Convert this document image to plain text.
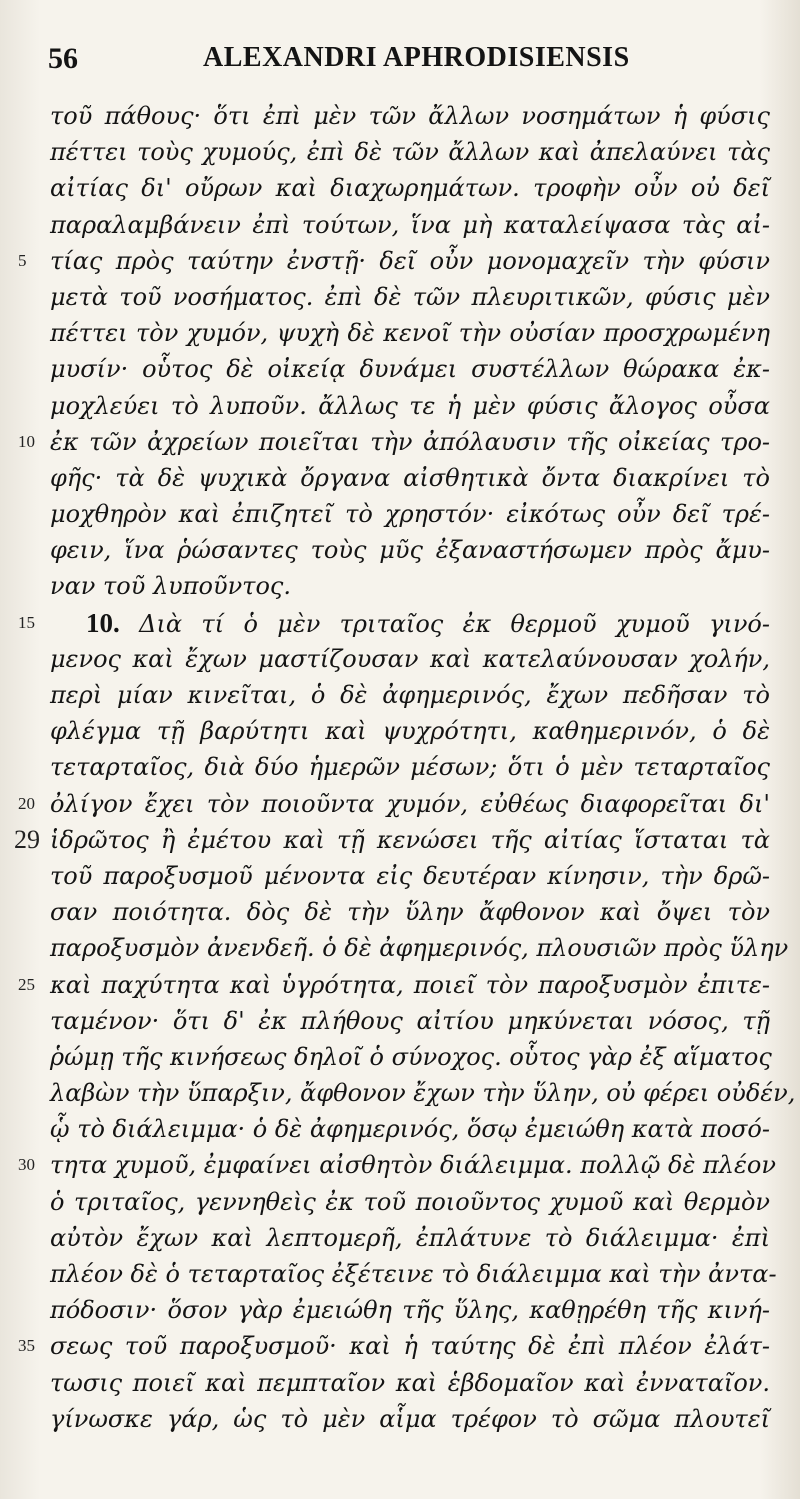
56	ALEXANDRI APHRODISIENSIS
τοῦ πάθους· ὅτι ἐπὶ μὲν τῶν ἄλλων νοσημάτων ἡ φύσις
πέττει τοὺς χυμούς, ἐπὶ δὲ τῶν ἄλλων καὶ ἀπελαύνει τὰς
αἰτίας δι' οὔρων καὶ διαχωρημάτων. τροφὴν οὖν οὐ δεῖ
παραλαμβάνειν ἐπὶ τούτων, ἵνα μὴ καταλείψασα τὰς αἰ-
5 τίας πρὸς ταύτην ἐνστῇ· δεῖ οὖν μονομαχεῖν τὴν φύσιν
μετὰ τοῦ νοσήματος. ἐπὶ δὲ τῶν πλευριτικῶν, φύσις μὲν
πέττει τὸν χυμόν, ψυχὴ δὲ κενοῖ τὴν οὐσίαν προσχρωμένη
μυσίν· οὗτος δὲ οἰκείᾳ δυνάμει συστέλλων θώρακα ἐκ-
μοχλεύει τὸ λυποῦν. ἄλλως τε ἡ μὲν φύσις ἄλογος οὖσα
10 ἐκ τῶν ἀχρείων ποιεῖται τὴν ἀπόλαυσιν τῆς οἰκείας τρο-
φῆς· τὰ δὲ ψυχικὰ ὄργανα αἰσθητικὰ ὄντα διακρίνει τὸ
μοχθηρὸν καὶ ἐπιζητεῖ τὸ χρηστόν· εἰκότως οὖν δεῖ τρέ-
φειν, ἵνα ῥώσαντες τοὺς μῦς ἐξαναστήσωμεν πρὸς ἄμυ-
ναν τοῦ λυποῦντος.
15	10. Διὰ τί ὁ μὲν τριταῖος ἐκ θερμοῦ χυμοῦ γινό-
μενος καὶ ἔχων μαστίζουσαν καὶ κατελαύνουσαν χολήν,
περὶ μίαν κινεῖται, ὁ δὲ ἀφημερινός, ἔχων πεδῆσαν τὸ
φλέγμα τῇ βαρύτητι καὶ ψυχρότητι, καθημερινόν, ὁ δὲ
τεταρταῖος, διὰ δύο ἡμερῶν μέσων; ὅτι ὁ μὲν τεταρταῖος
20 ὀλίγον ἔχει τὸν ποιοῦντα χυμόν, εὐθέως διαφορεῖται δι'
29 ἱδρῶτος ἢ ἐμέτου καὶ τῇ κενώσει τῆς αἰτίας ἵσταται τὰ
τοῦ παροξυσμοῦ μένοντα εἰς δευτέραν κίνησιν, τὴν δρῶ-
σαν ποιότητα. δὸς δὲ τὴν ὕλην ἄφθονον καὶ ὄψει τὸν
παροξυσμὸν ἀνενδεῆ. ὁ δὲ ἀφημερινός, πλουσιῶν πρὸς ὕλην
25 καὶ παχύτητα καὶ ὑγρότητα, ποιεῖ τὸν παροξυσμὸν ἐπιτε-
ταμένον· ὅτι δ' ἐκ πλήθους αἰτίου μηκύνεται νόσος, τῇ
ῥώμῃ τῆς κινήσεως δηλοῖ ὁ σύνοχος. οὗτος γὰρ ἐξ αἵματος
λαβὼν τὴν ὕπαρξιν, ἄφθονον ἔχων τὴν ὕλην, οὐ φέρει οὐδέν,
ᾧ τὸ διάλειμμα· ὁ δὲ ἀφημερινός, ὅσῳ ἐμειώθη κατὰ ποσό-
30 τητα χυμοῦ, ἐμφαίνει αἰσθητὸν διάλειμμα. πολλῷ δὲ πλέον
ὁ τριταῖος, γεννηθεὶς ἐκ τοῦ ποιοῦντος χυμοῦ καὶ θερμὸν
αὐτὸν ἔχων καὶ λεπτομερῆ, ἐπλάτυνε τὸ διάλειμμα· ἐπὶ
πλέον δὲ ὁ τεταρταῖος ἐξέτεινε τὸ διάλειμμα καὶ τὴν ἀντα-
πόδοσιν· ὅσον γὰρ ἐμειώθη τῆς ὕλης, καθῃρέθη τῆς κινή-
35 σεως τοῦ παροξυσμοῦ· καὶ ἡ ταύτης δὲ ἐπὶ πλέον ἐλάτ-
τωσις ποιεῖ καὶ πεμπταῖον καὶ ἑβδομαῖον καὶ ἐνναταῖον.
γίνωσκε γάρ, ὡς τὸ μὲν αἷμα τρέφον τὸ σῶμα πλουτεῖ
